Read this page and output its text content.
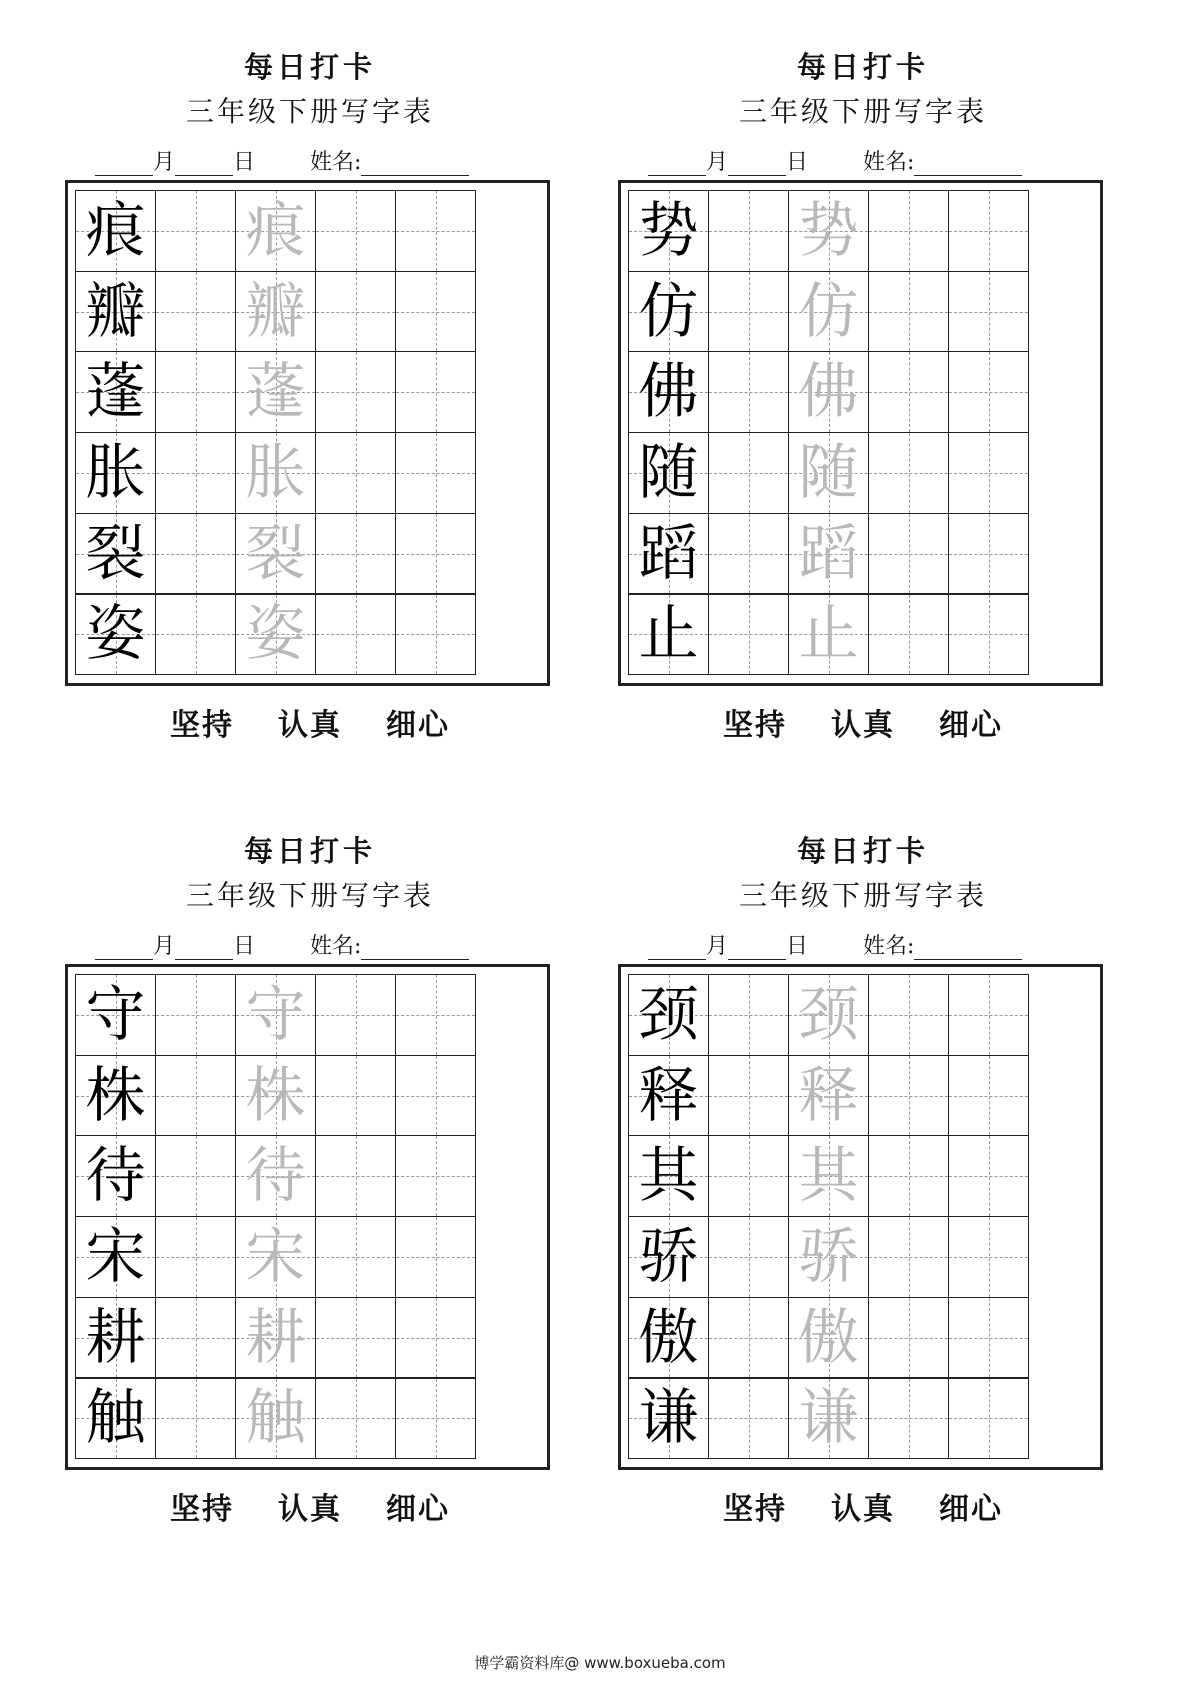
每日打卡
三年级下册写字表
月	日	姓名:
痕 痕
瓣 瓣
蓬 蓬
胀 胀
裂 裂
姿 姿
坚持 认真 细心
每日打卡
三年级下册写字表
月	日	姓名:
势 势
仿 仿
佛 佛
随 随
蹈 蹈
止 止
坚持 认真 细心
每日打卡
三年级下册写字表
月	日	姓名:
守 守
株 株
待 待
宋 宋
耕 耕
触 触
坚持 认真 细心
每日打卡
三年级下册写字表
月	日	姓名:
颈 颈
释 释
其 其
骄 骄
傲 傲
谦 谦
坚持 认真 细心
博学霸资料库@ www.boxueba.com
